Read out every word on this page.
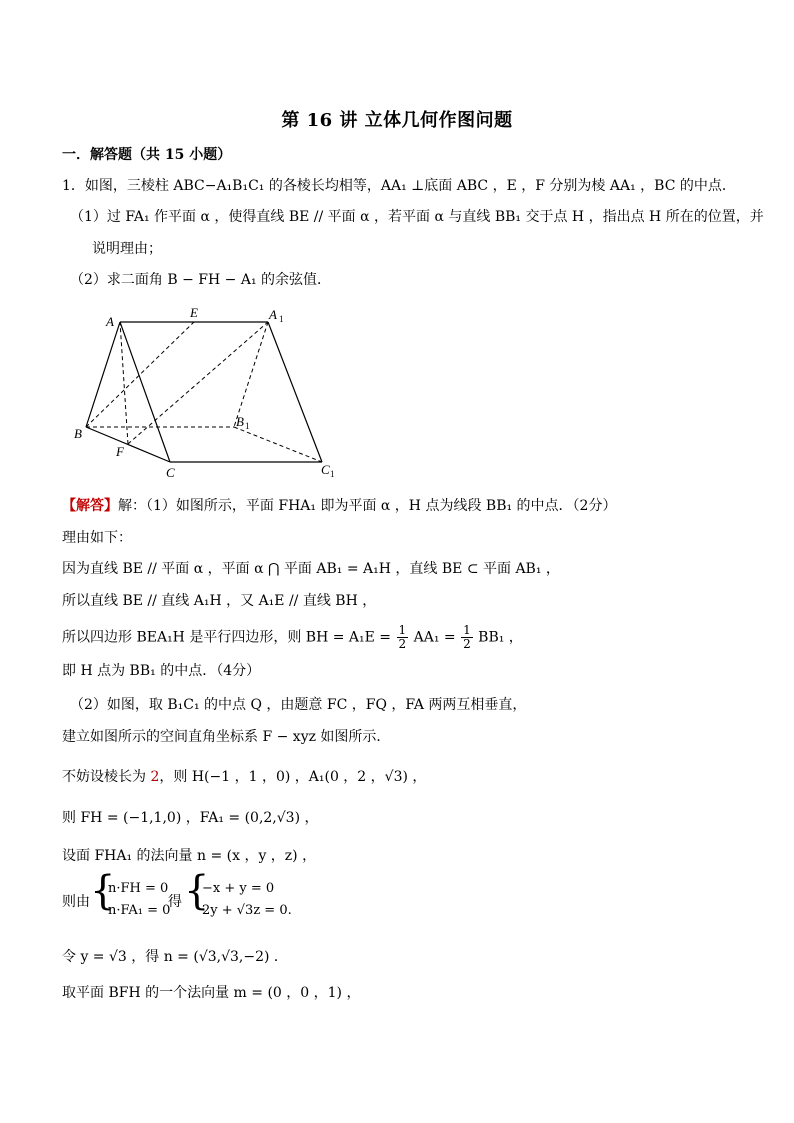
第 16 讲 立体几何作图问题
一．解答题（共 15 小题）
1．如图，三棱柱 ABC−A₁B₁C₁ 的各棱长均相等，AA₁ ⊥底面 ABC ，E ，F 分别为棱 AA₁ ，BC 的中点．
（1）过 FA₁ 作平面 α ，使得直线 BE // 平面 α ，若平面 α 与直线 BB₁ 交于点 H ，指出点 H 所在的位置，并
说明理由；
（2）求二面角 B − FH − A₁ 的余弦值．
A
E	A 1
B
B 1
F
C	C 1
【解答】解：（1）如图所示，平面 FHA₁ 即为平面 α ，H 点为线段 BB₁ 的中点．（2分）
理由如下：
因为直线 BE // 平面 α ，平面 α ⋂ 平面 AB₁ = A₁H ，直线 BE ⊂ 平面 AB₁ ，
所以直线 BE // 直线 A₁H ，又 A₁E // 直线 BH ，
所以四边形 BEA₁H 是平行四边形，则 BH = $A_1E = \frac{1}{2} AA_1 = \frac{1}{2} BB_1$ ，
即 H 点为 BB₁ 的中点．（4分）
（2）如图，取 B₁C₁ 的中点 Q ，由题意 FC ，FQ ，FA 两两互相垂直，
建立如图所示的空间直角坐标系 F − xyz 如图所示．
不妨设棱长为 2，则 H(−1 ，1 ，0) ，A₁(0 ，2 ，√3) ，
则 FH = (−1,1,0) ，FA₁ = (0,2,√3) ，
设面 FHA₁ 的法向量 n = (x ，y ，z) ，
则由 {
n·FH = 0
n·FA₁ = 0
得 {
−x + y = 0
2y + √3z = 0.
令 y = √3 ，得 n = (√3,√3,−2) ．
取平面 BFH 的一个法向量 m = (0 ，0 ，1) ，
